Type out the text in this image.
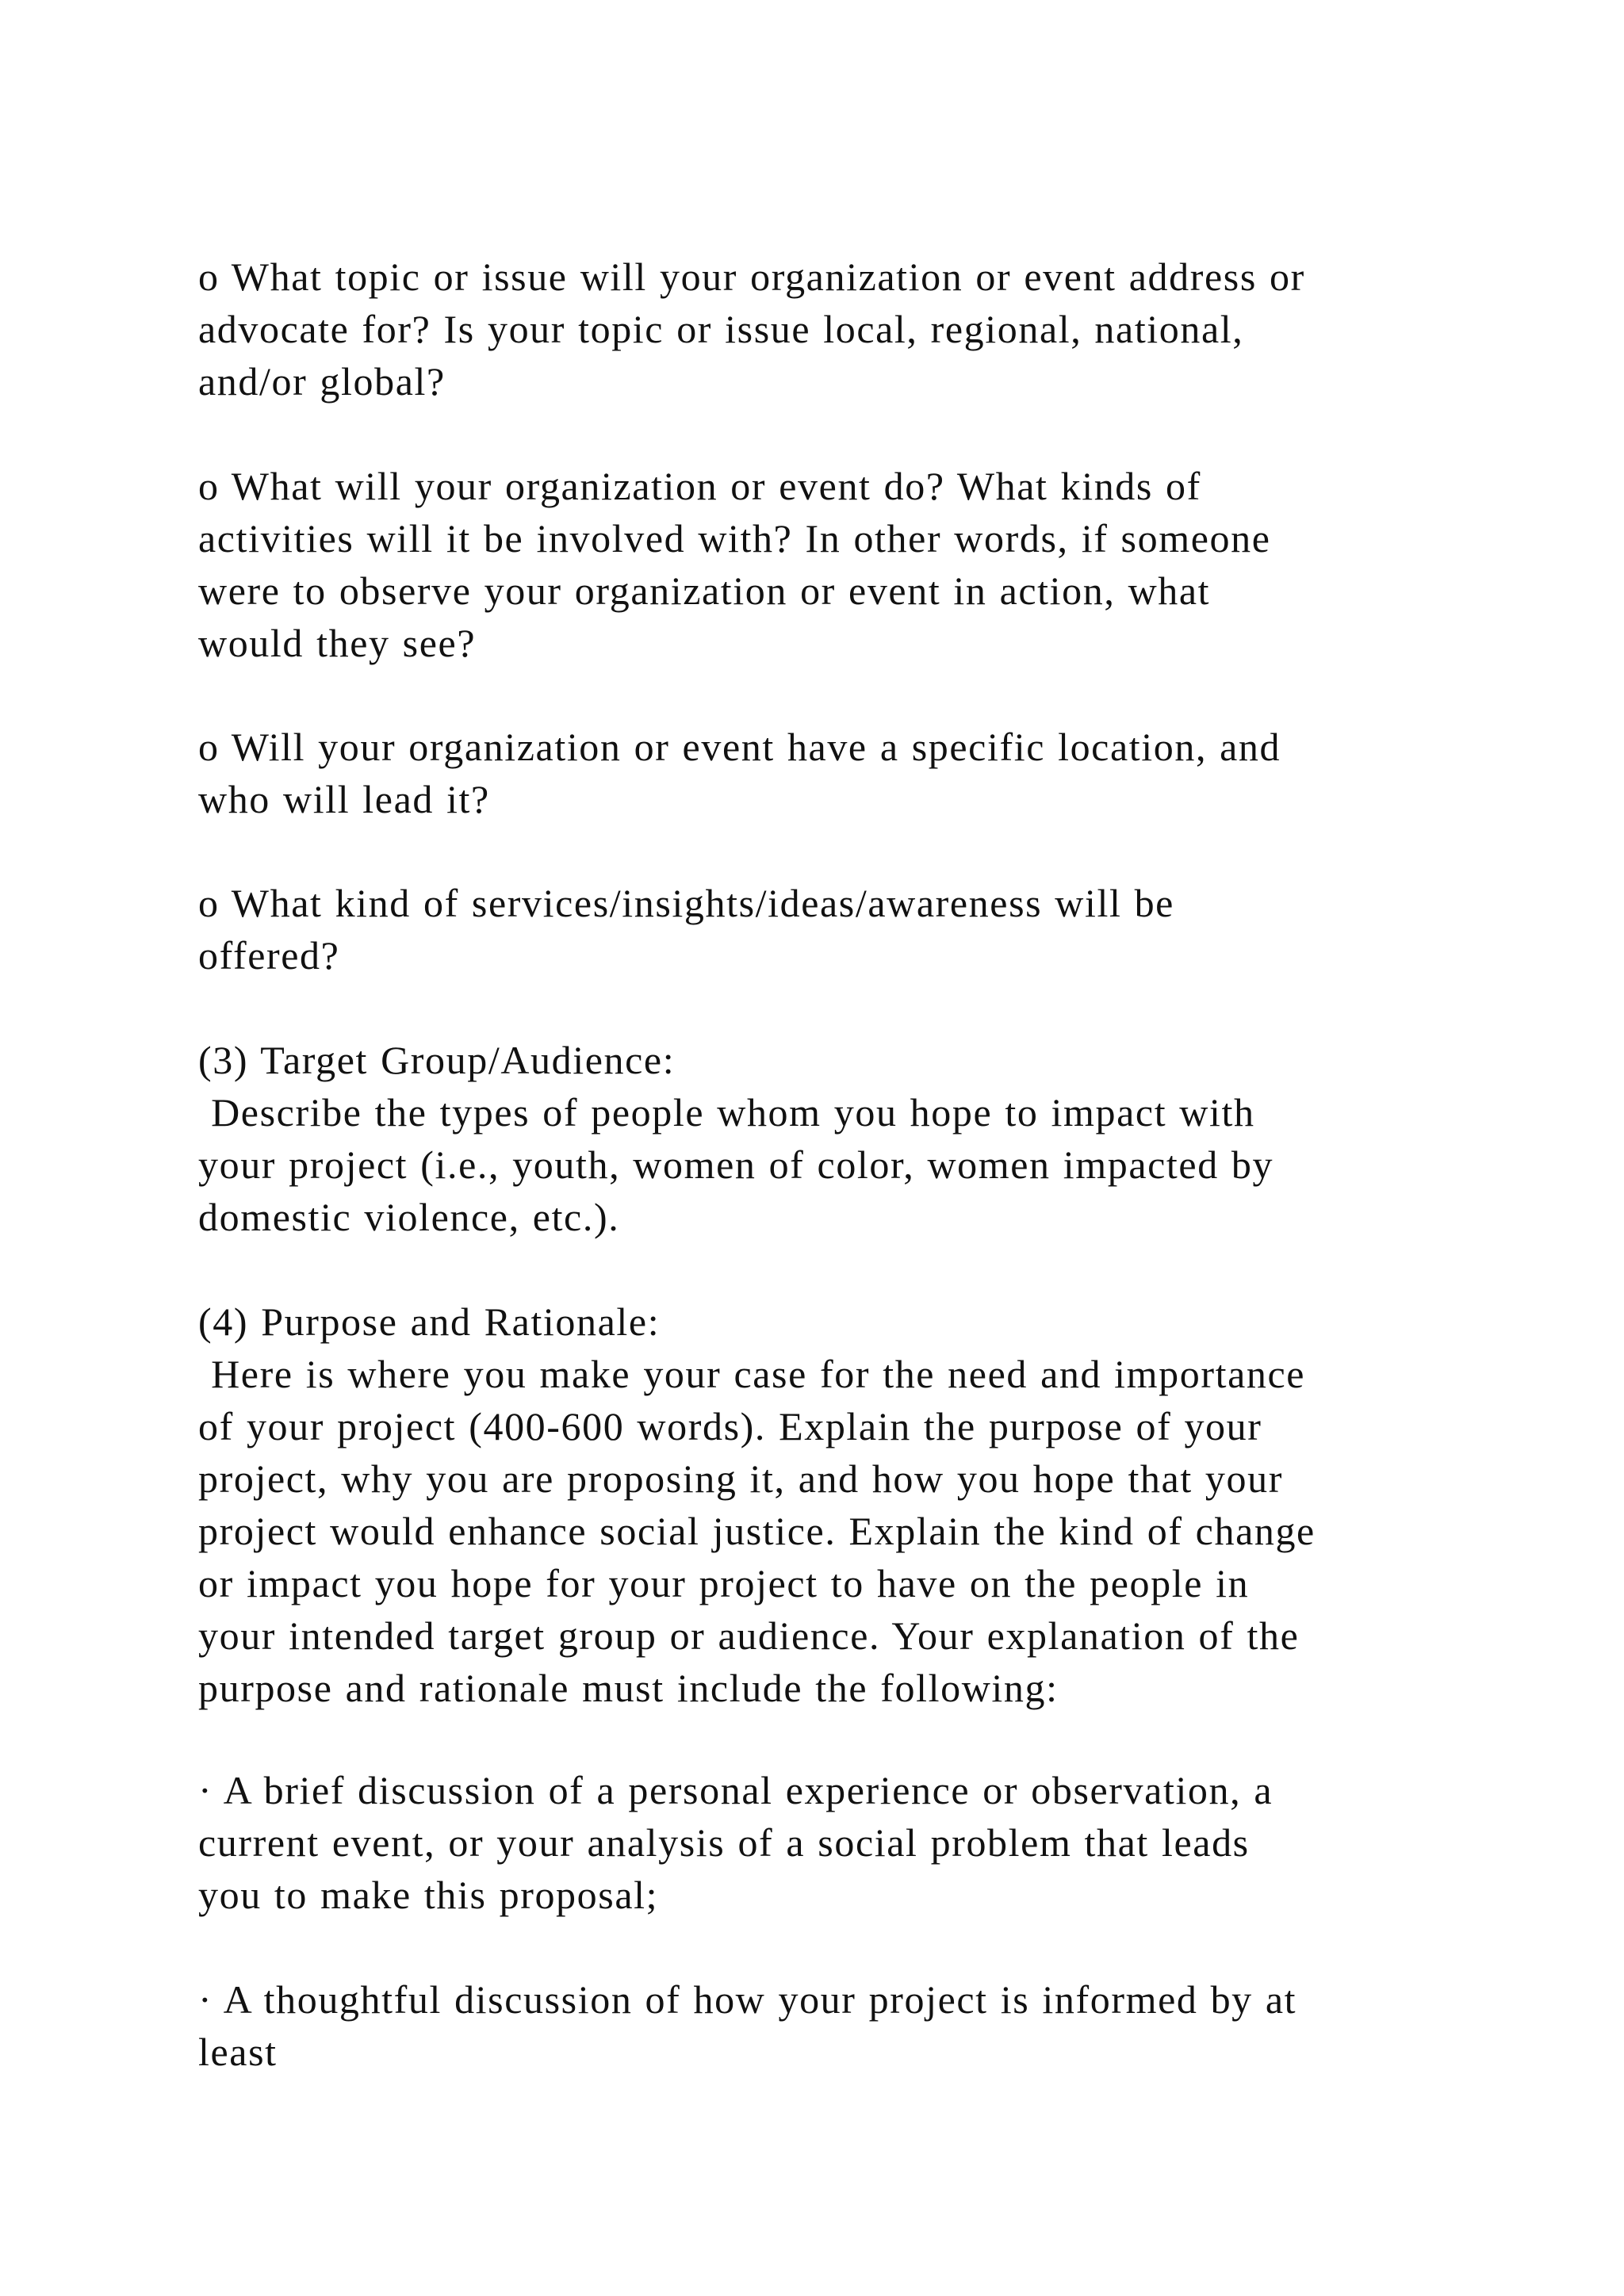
o What topic or issue will your organization or event address or
advocate for? Is your topic or issue local, regional, national,
and/or global?
o What will your organization or event do? What kinds of
activities will it be involved with? In other words, if someone
were to observe your organization or event in action, what
would they see?
o Will your organization or event have a specific location, and
who will lead it?
o What kind of services/insights/ideas/awareness will be
offered?
(3) Target Group/Audience:
Describe the types of people whom you hope to impact with
your project (i.e., youth, women of color, women impacted by
domestic violence, etc.).
(4) Purpose and Rationale:
Here is where you make your case for the need and importance
of your project (400-600 words). Explain the purpose of your
project, why you are proposing it, and how you hope that your
project would enhance social justice. Explain the kind of change
or impact you hope for your project to have on the people in
your intended target group or audience. Your explanation of the
purpose and rationale must include the following:
· A brief discussion of a personal experience or observation, a
current event, or your analysis of a social problem that leads
you to make this proposal;
· A thoughtful discussion of how your project is informed by at
least
